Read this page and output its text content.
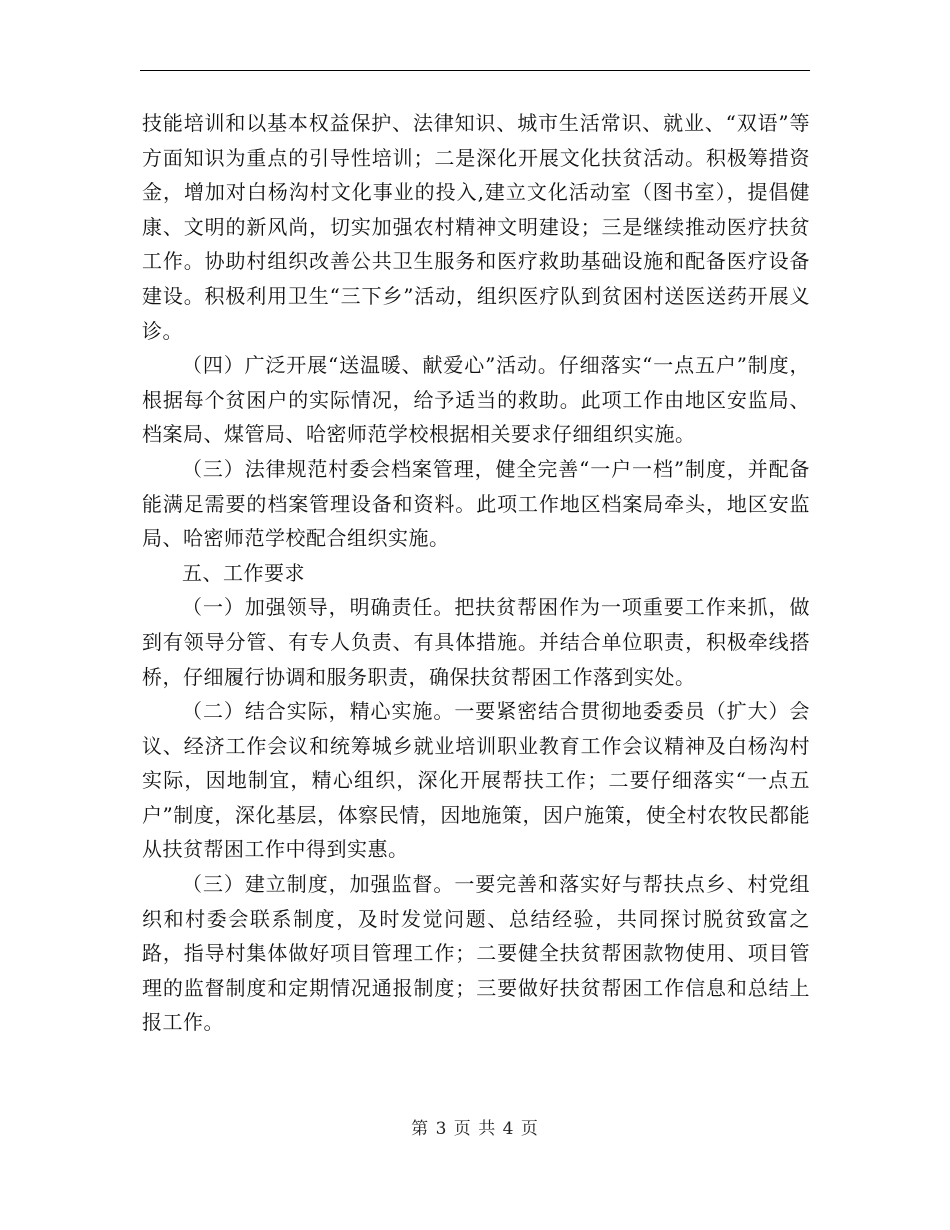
技能培训和以基本权益保护、法律知识、城市生活常识、就业、“双语”等方面知识为重点的引导性培训；二是深化开展文化扶贫活动。积极筹措资金，增加对白杨沟村文化事业的投入,建立文化活动室（图书室），提倡健康、文明的新风尚，切实加强农村精神文明建设；三是继续推动医疗扶贫工作。协助村组织改善公共卫生服务和医疗救助基础设施和配备医疗设备建设。积极利用卫生“三下乡”活动，组织医疗队到贫困村送医送药开展义诊。

（四）广泛开展“送温暖、献爱心”活动。仔细落实“一点五户”制度，根据每个贫困户的实际情况，给予适当的救助。此项工作由地区安监局、档案局、煤管局、哈密师范学校根据相关要求仔细组织实施。

（三）法律规范村委会档案管理，健全完善“一户一档”制度，并配备能满足需要的档案管理设备和资料。此项工作地区档案局牵头，地区安监局、哈密师范学校配合组织实施。

五、工作要求

（一）加强领导，明确责任。把扶贫帮困作为一项重要工作来抓，做到有领导分管、有专人负责、有具体措施。并结合单位职责，积极牵线搭桥，仔细履行协调和服务职责，确保扶贫帮困工作落到实处。

（二）结合实际，精心实施。一要紧密结合贯彻地委委员（扩大）会议、经济工作会议和统筹城乡就业培训职业教育工作会议精神及白杨沟村实际，因地制宜，精心组织，深化开展帮扶工作；二要仔细落实“一点五户”制度，深化基层，体察民情，因地施策，因户施策，使全村农牧民都能从扶贫帮困工作中得到实惠。

（三）建立制度，加强监督。一要完善和落实好与帮扶点乡、村党组织和村委会联系制度，及时发觉问题、总结经验，共同探讨脱贫致富之路，指导村集体做好项目管理工作；二要健全扶贫帮困款物使用、项目管理的监督制度和定期情况通报制度；三要做好扶贫帮困工作信息和总结上报工作。

第 3 页 共 4 页
